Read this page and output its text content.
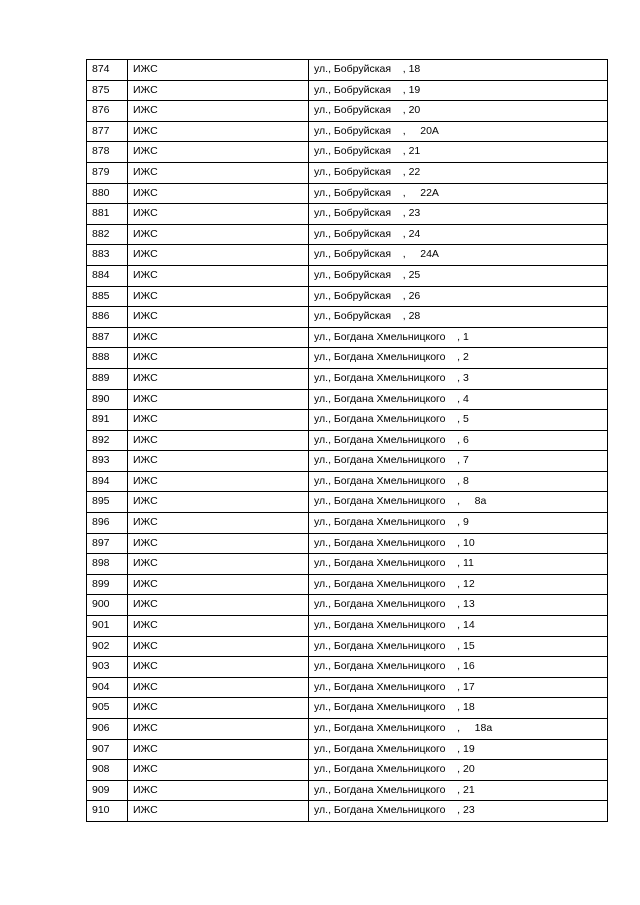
874	ИЖС	ул., Бобруйская    , 18
875	ИЖС	ул., Бобруйская    , 19
876	ИЖС	ул., Бобруйская    , 20
877	ИЖС	ул., Бобруйская    ,     20А
878	ИЖС	ул., Бобруйская    , 21
879	ИЖС	ул., Бобруйская    , 22
880	ИЖС	ул., Бобруйская    ,     22А
881	ИЖС	ул., Бобруйская    , 23
882	ИЖС	ул., Бобруйская    , 24
883	ИЖС	ул., Бобруйская    ,     24А
884	ИЖС	ул., Бобруйская    , 25
885	ИЖС	ул., Бобруйская    , 26
886	ИЖС	ул., Бобруйская    , 28
887	ИЖС	ул., Богдана Хмельницкого    , 1
888	ИЖС	ул., Богдана Хмельницкого    , 2
889	ИЖС	ул., Богдана Хмельницкого    , 3
890	ИЖС	ул., Богдана Хмельницкого    , 4
891	ИЖС	ул., Богдана Хмельницкого    , 5
892	ИЖС	ул., Богдана Хмельницкого    , 6
893	ИЖС	ул., Богдана Хмельницкого    , 7
894	ИЖС	ул., Богдана Хмельницкого    , 8
895	ИЖС	ул., Богдана Хмельницкого    ,     8а
896	ИЖС	ул., Богдана Хмельницкого    , 9
897	ИЖС	ул., Богдана Хмельницкого    , 10
898	ИЖС	ул., Богдана Хмельницкого    , 11
899	ИЖС	ул., Богдана Хмельницкого    , 12
900	ИЖС	ул., Богдана Хмельницкого    , 13
901	ИЖС	ул., Богдана Хмельницкого    , 14
902	ИЖС	ул., Богдана Хмельницкого    , 15
903	ИЖС	ул., Богдана Хмельницкого    , 16
904	ИЖС	ул., Богдана Хмельницкого    , 17
905	ИЖС	ул., Богдана Хмельницкого    , 18
906	ИЖС	ул., Богдана Хмельницкого    ,     18а
907	ИЖС	ул., Богдана Хмельницкого    , 19
908	ИЖС	ул., Богдана Хмельницкого    , 20
909	ИЖС	ул., Богдана Хмельницкого    , 21
910	ИЖС	ул., Богдана Хмельницкого    , 23
